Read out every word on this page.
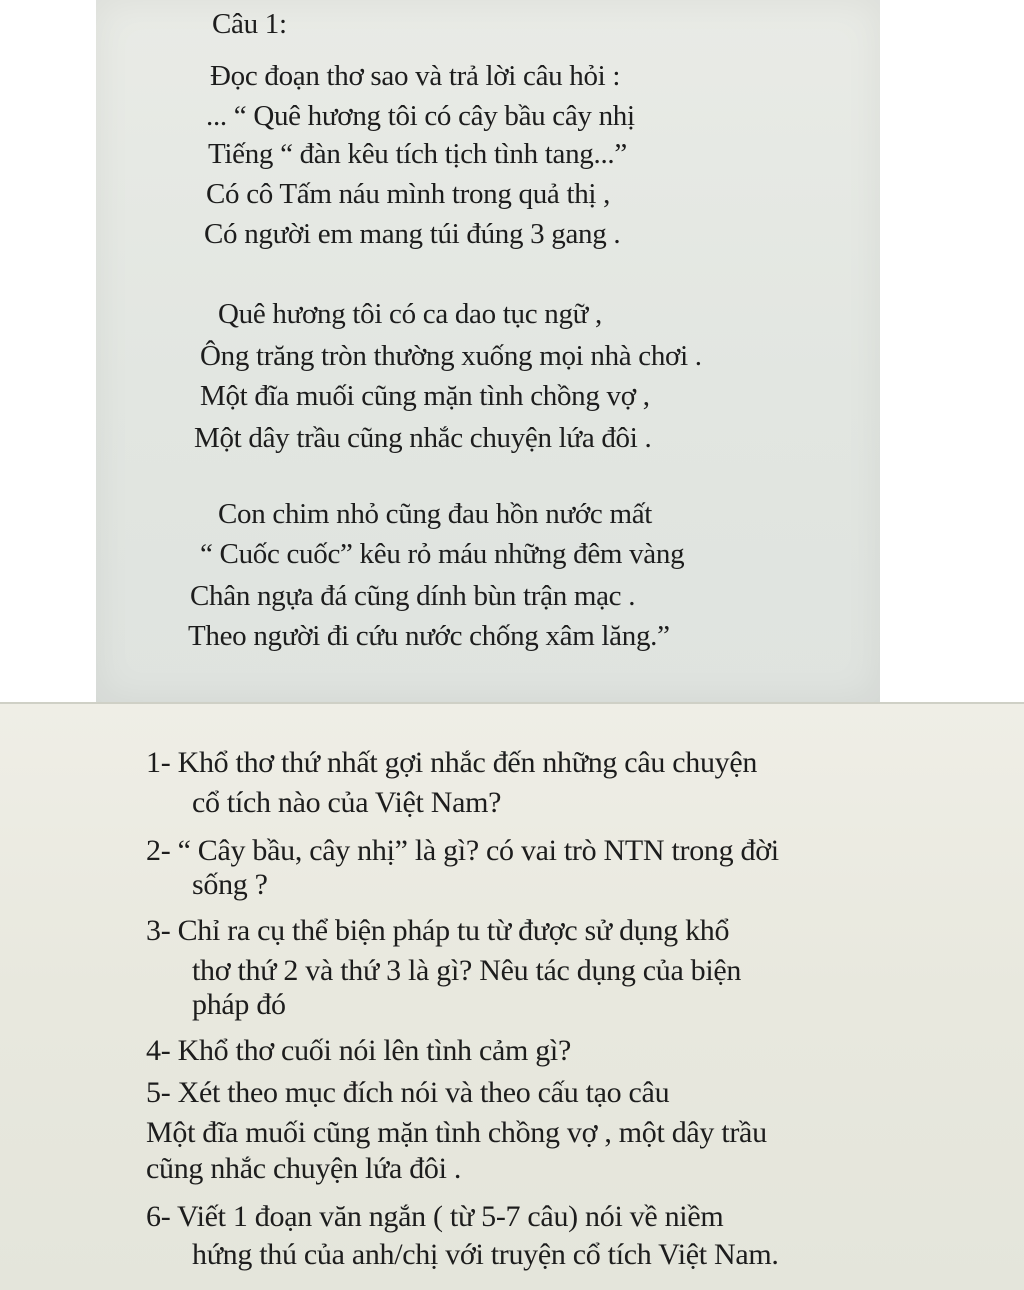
Câu 1:
Đọc đoạn thơ sao và trả lời câu hỏi :
... “ Quê hương tôi có cây bầu cây nhị
Tiếng “ đàn kêu tích tịch tình tang...”
Có cô Tấm náu mình trong quả thị ,
Có người em mang túi đúng 3 gang .
Quê hương tôi có ca dao tục ngữ ,
Ông trăng tròn thường xuống mọi nhà chơi .
Một đĩa muối cũng mặn tình chồng vợ ,
Một dây trầu cũng nhắc chuyện lứa đôi .
Con chim nhỏ cũng đau hồn nước mất
“ Cuốc cuốc” kêu rỏ máu những đêm vàng
Chân ngựa đá cũng dính bùn trận mạc .
Theo người đi cứu nước chống xâm lăng.”
1- Khổ thơ thứ nhất gợi nhắc đến những câu chuyện
cổ tích nào của Việt Nam?
2- “ Cây bầu, cây nhị” là gì? có vai trò NTN trong đời
sống ?
3- Chỉ ra cụ thể biện pháp tu từ được sử dụng khổ
thơ thứ 2 và thứ 3 là gì? Nêu tác dụng của biện
pháp đó
4- Khổ thơ cuối nói lên tình cảm gì?
5- Xét theo mục đích nói và theo cấu tạo câu
Một đĩa muối cũng mặn tình chồng vợ , một dây trầu
cũng nhắc chuyện lứa đôi .
6- Viết 1 đoạn văn ngắn ( từ 5-7 câu) nói về niềm
hứng thú của anh/chị với truyện cổ tích Việt Nam.
